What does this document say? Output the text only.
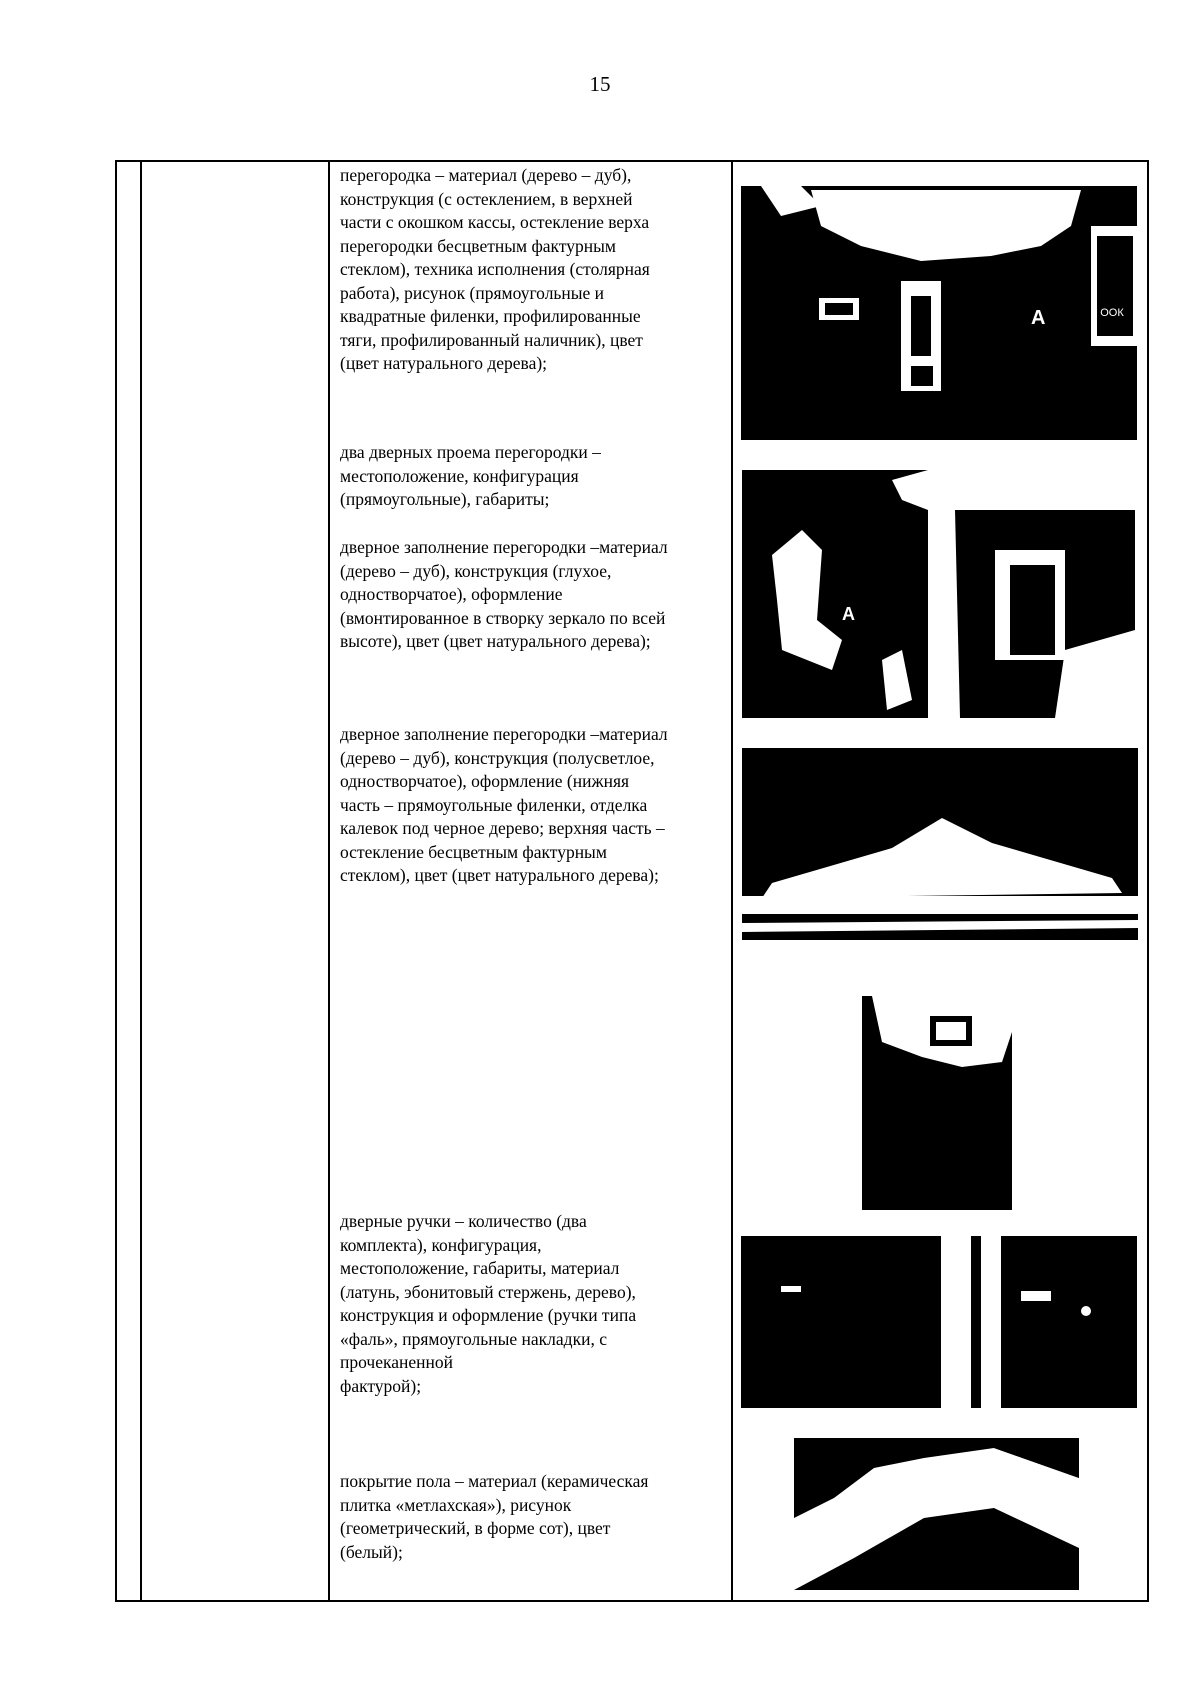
15
перегородка – материал (дерево – дуб),
конструкция (с остеклением, в верхней
части с окошком кассы, остекление верха
перегородки бесцветным фактурным
стеклом), техника исполнения (столярная
работа), рисунок (прямоугольные и
квадратные филенки, профилированные
тяги, профилированный наличник), цвет
(цвет натурального дерева);
два дверных проема перегородки –
местоположение, конфигурация
(прямоугольные), габариты;
дверное заполнение перегородки –материал
(дерево – дуб), конструкция (глухое,
одностворчатое), оформление
(вмонтированное в створку зеркало по всей
высоте), цвет (цвет натурального дерева);
дверное заполнение перегородки –материал
(дерево – дуб), конструкция (полусветлое,
одностворчатое), оформление (нижняя
часть – прямоугольные филенки, отделка
калевок под черное дерево; верхняя часть –
остекление бесцветным фактурным
стеклом), цвет (цвет натурального дерева);
дверные ручки – количество (два
комплекта), конфигурация,
местоположение, габариты, материал
(латунь, эбонитовый стержень, дерево),
конструкция и оформление (ручки типа
«фаль», прямоугольные накладки, с
прочеканенной
фактурой);
покрытие пола – материал (керамическая
плитка «метлахская»), рисунок
(геометрический, в форме сот), цвет
(белый);
ООК
A
A
